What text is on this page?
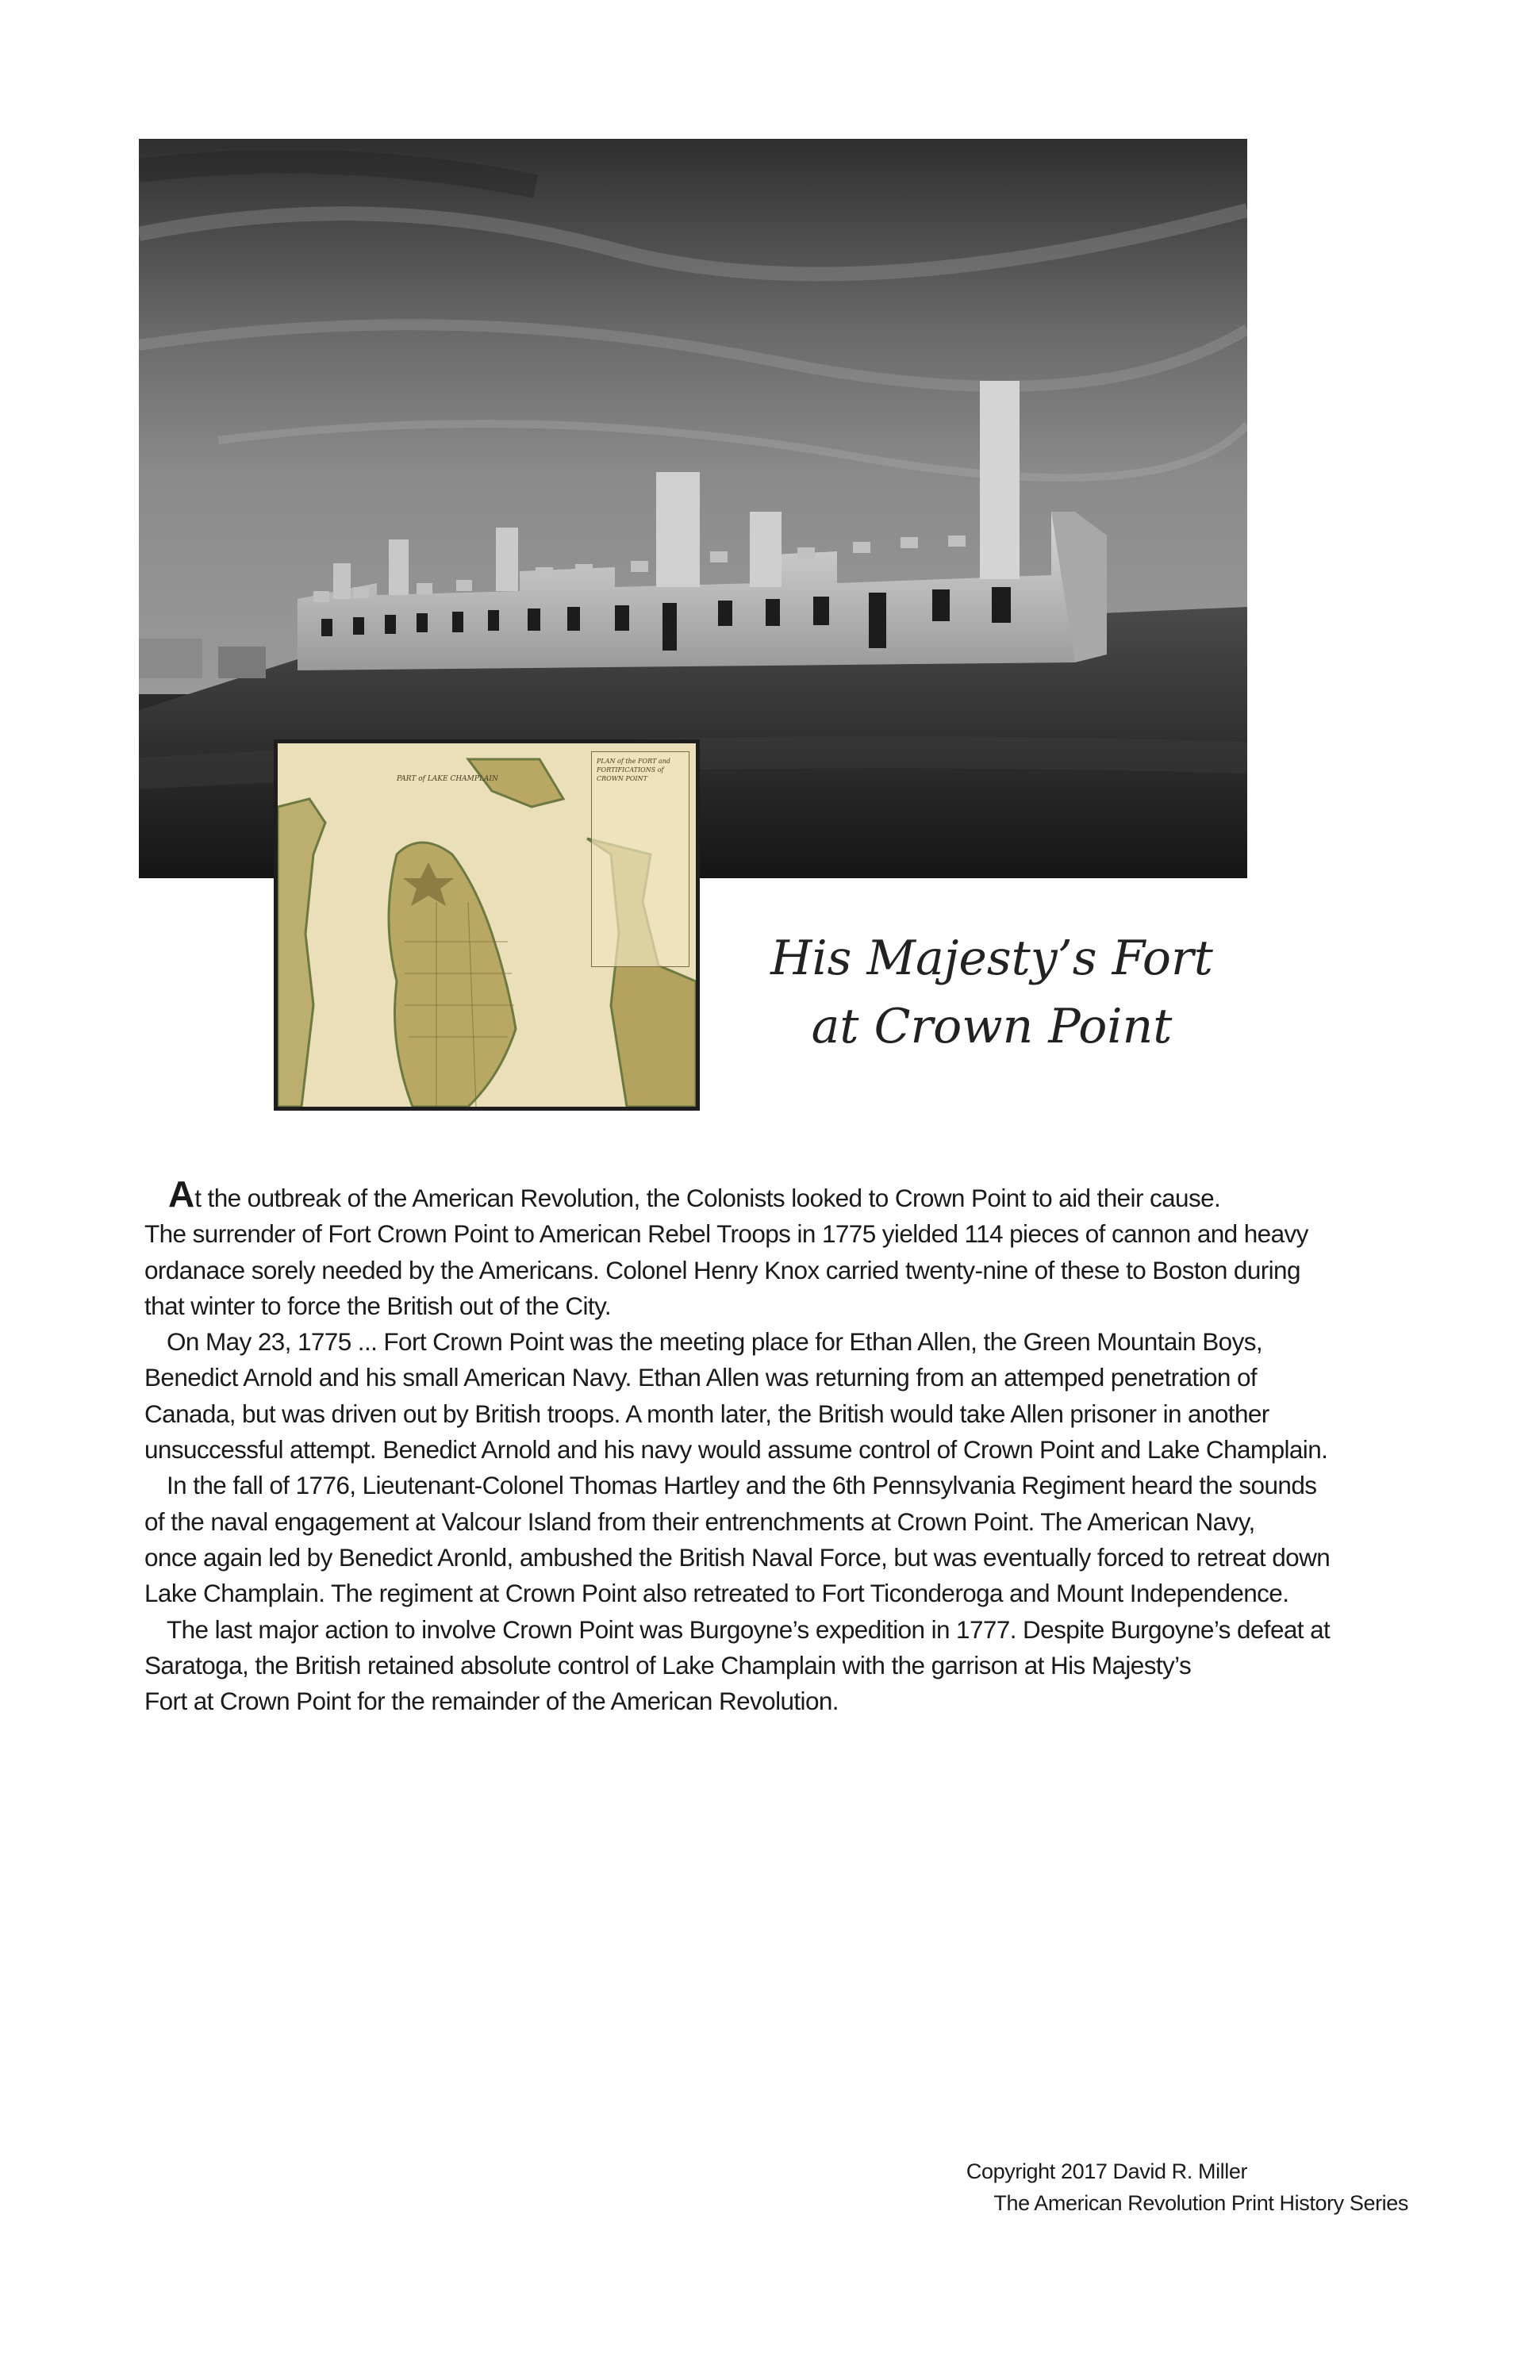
PART of LAKE CHAMPLAIN

PLAN of the FORT and FORTIFICATIONS of CROWN POINT

His Majesty’s Fort
at Crown Point
At the outbreak of the American Revolution, the Colonists looked to Crown Point to aid their cause.
The surrender of Fort Crown Point to American Rebel Troops in 1775 yielded 114 pieces of cannon and heavy
ordanace sorely needed by the Americans. Colonel Henry Knox carried twenty-nine of these to Boston during
that winter to force the British out of the City.
On May 23, 1775 ... Fort Crown Point was the meeting place for Ethan Allen, the Green Mountain Boys,
Benedict Arnold and his small American Navy. Ethan Allen was returning from an attemped penetration of
Canada, but was driven out by British troops. A month later, the British would take Allen prisoner in another
unsuccessful attempt. Benedict Arnold and his navy would assume control of Crown Point and Lake Champlain.
In the fall of 1776, Lieutenant-Colonel Thomas Hartley and the 6th Pennsylvania Regiment heard the sounds
of the naval engagement at Valcour Island from their entrenchments at Crown Point. The American Navy,
once again led by Benedict Aronld, ambushed the British Naval Force, but was eventually forced to retreat down
Lake Champlain. The regiment at Crown Point also retreated to Fort Ticonderoga and Mount Independence.
The last major action to involve Crown Point was Burgoyne’s expedition in 1777. Despite Burgoyne’s defeat at
Saratoga, the British retained absolute control of Lake Champlain with the garrison at His Majesty’s
Fort at Crown Point for the remainder of the American Revolution.
Copyright 2017 David R. Miller
The American Revolution Print History Series
